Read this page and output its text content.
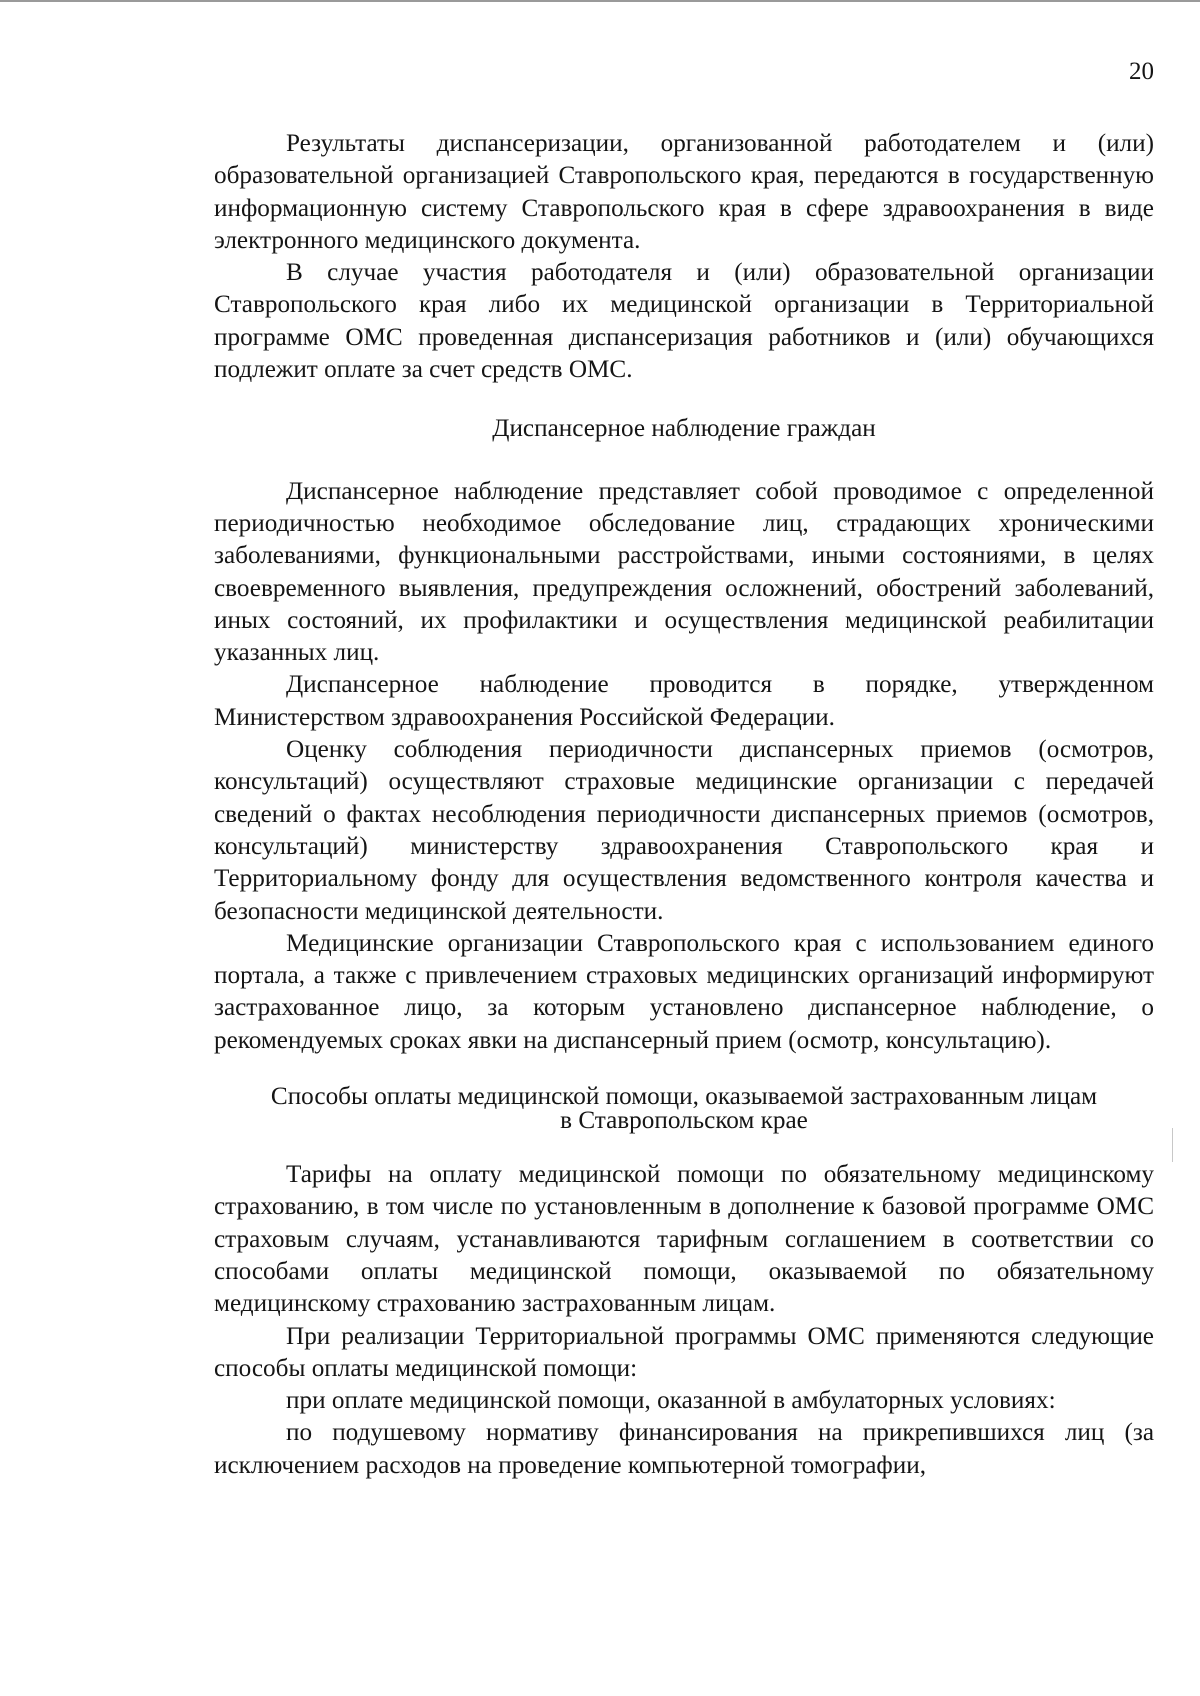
20

Результаты диспансеризации, организованной работодателем и (или) образовательной организацией Ставропольского края, передаются в государственную информационную систему Ставропольского края в сфере здравоохранения в виде электронного медицинского документа.

В случае участия работодателя и (или) образовательной организации Ставропольского края либо их медицинской организации в Территориальной программе ОМС проведенная диспансеризация работников и (или) обучающихся подлежит оплате за счет средств ОМС.

Диспансерное наблюдение граждан

Диспансерное наблюдение представляет собой проводимое с определенной периодичностью необходимое обследование лиц, страдающих хроническими заболеваниями, функциональными расстройствами, иными состояниями, в целях своевременного выявления, предупреждения осложнений, обострений заболеваний, иных состояний, их профилактики и осуществления медицинской реабилитации указанных лиц.

Диспансерное наблюдение проводится в порядке, утвержденном Министерством здравоохранения Российской Федерации.

Оценку соблюдения периодичности диспансерных приемов (осмотров, консультаций) осуществляют страховые медицинские организации с передачей сведений о фактах несоблюдения периодичности диспансерных приемов (осмотров, консультаций) министерству здравоохранения Ставропольского края и Территориальному фонду для осуществления ведомственного контроля качества и безопасности медицинской деятельности.

Медицинские организации Ставропольского края с использованием единого портала, а также с привлечением страховых медицинских организаций информируют застрахованное лицо, за которым установлено диспансерное наблюдение, о рекомендуемых сроках явки на диспансерный прием (осмотр, консультацию).

Способы оплаты медицинской помощи, оказываемой застрахованным лицам
в Ставропольском крае

Тарифы на оплату медицинской помощи по обязательному медицинскому страхованию, в том числе по установленным в дополнение к базовой программе ОМС страховым случаям, устанавливаются тарифным соглашением в соответствии со способами оплаты медицинской помощи, оказываемой по обязательному медицинскому страхованию застрахованным лицам.

При реализации Территориальной программы ОМС применяются следующие способы оплаты медицинской помощи:

при оплате медицинской помощи, оказанной в амбулаторных условиях:

по подушевому нормативу финансирования на прикрепившихся лиц (за исключением расходов на проведение компьютерной томографии,
